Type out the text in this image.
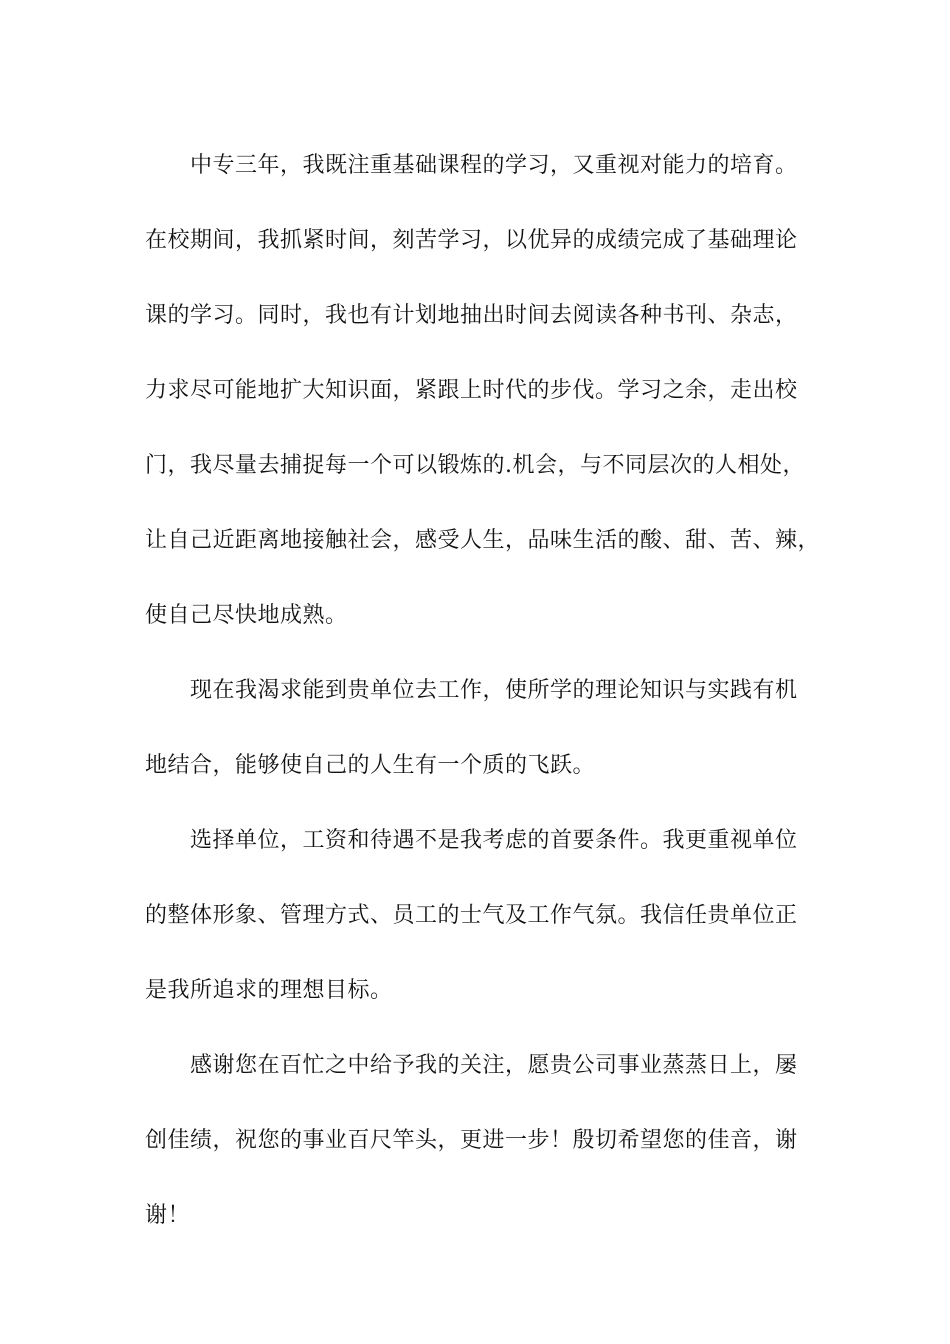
中专三年，我既注重基础课程的学习，又重视对能力的培育。
在校期间，我抓紧时间，刻苦学习，以优异的成绩完成了基础理论
课的学习。同时，我也有计划地抽出时间去阅读各种书刊、杂志，
力求尽可能地扩大知识面，紧跟上时代的步伐。学习之余，走出校
门，我尽量去捕捉每一个可以锻炼的.机会，与不同层次的人相处，
让自己近距离地接触社会，感受人生，品味生活的酸、甜、苦、辣，
使自己尽快地成熟。
现在我渴求能到贵单位去工作，使所学的理论知识与实践有机
地结合，能够使自己的人生有一个质的飞跃。
选择单位，工资和待遇不是我考虑的首要条件。我更重视单位
的整体形象、管理方式、员工的士气及工作气氛。我信任贵单位正
是我所追求的理想目标。
感谢您在百忙之中给予我的关注，愿贵公司事业蒸蒸日上，屡
创佳绩，祝您的事业百尺竿头，更进一步！殷切希望您的佳音，谢
谢！
